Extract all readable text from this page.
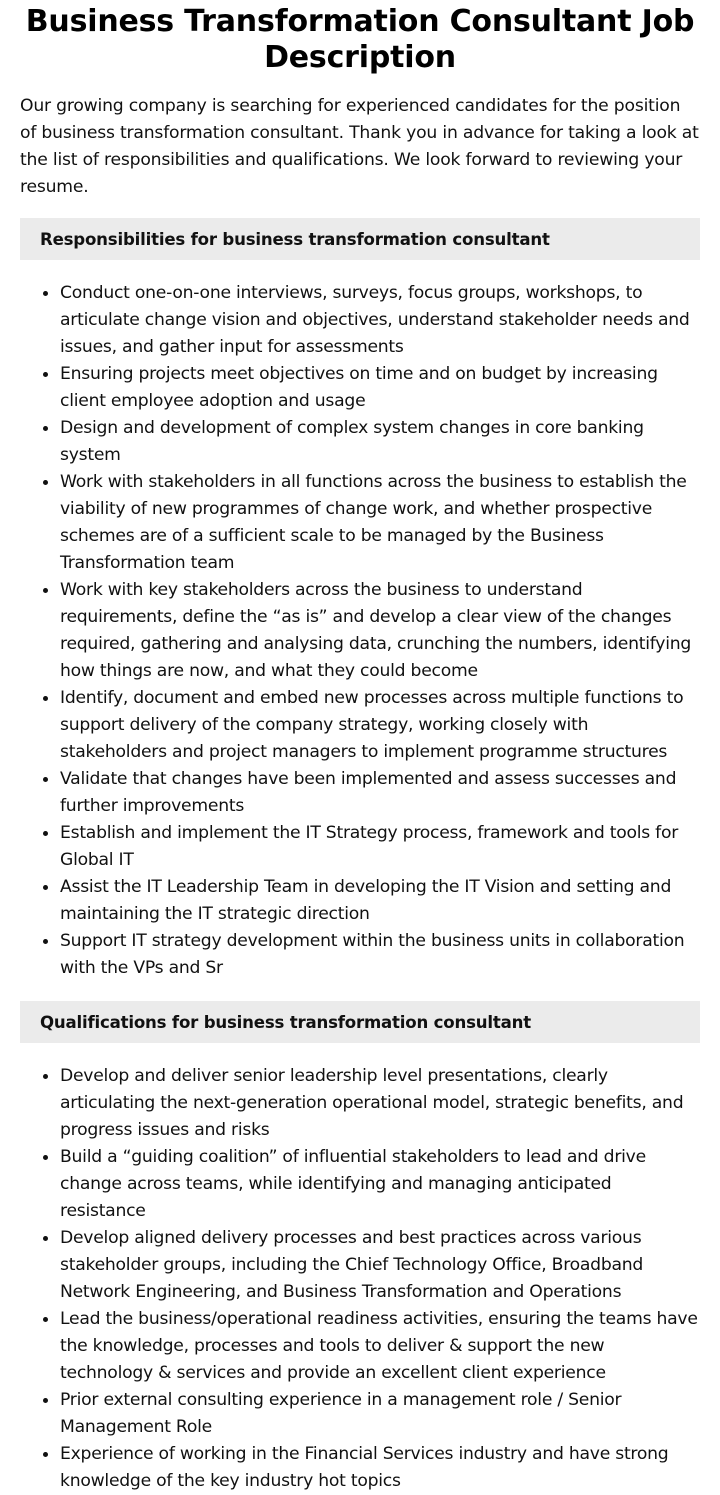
Business Transformation Consultant Job Description

Our growing company is searching for experienced candidates for the position of business transformation consultant. Thank you in advance for taking a look at the list of responsibilities and qualifications. We look forward to reviewing your resume.

Responsibilities for business transformation consultant
Conduct one-on-one interviews, surveys, focus groups, workshops, to articulate change vision and objectives, understand stakeholder needs and issues, and gather input for assessments
Ensuring projects meet objectives on time and on budget by increasing client employee adoption and usage
Design and development of complex system changes in core banking system
Work with stakeholders in all functions across the business to establish the viability of new programmes of change work, and whether prospective schemes are of a sufficient scale to be managed by the Business Transformation team
Work with key stakeholders across the business to understand requirements, define the “as is” and develop a clear view of the changes required, gathering and analysing data, crunching the numbers, identifying how things are now, and what they could become
Identify, document and embed new processes across multiple functions to support delivery of the company strategy, working closely with stakeholders and project managers to implement programme structures
Validate that changes have been implemented and assess successes and further improvements
Establish and implement the IT Strategy process, framework and tools for Global IT
Assist the IT Leadership Team in developing the IT Vision and setting and maintaining the IT strategic direction
Support IT strategy development within the business units in collaboration with the VPs and Sr
Qualifications for business transformation consultant
Develop and deliver senior leadership level presentations, clearly articulating the next-generation operational model, strategic benefits, and progress issues and risks
Build a “guiding coalition” of influential stakeholders to lead and drive change across teams, while identifying and managing anticipated resistance
Develop aligned delivery processes and best practices across various stakeholder groups, including the Chief Technology Office, Broadband Network Engineering, and Business Transformation and Operations
Lead the business/operational readiness activities, ensuring the teams have the knowledge, processes and tools to deliver & support the new technology & services and provide an excellent client experience
Prior external consulting experience in a management role / Senior Management Role
Experience of working in the Financial Services industry and have strong knowledge of the key industry hot topics
